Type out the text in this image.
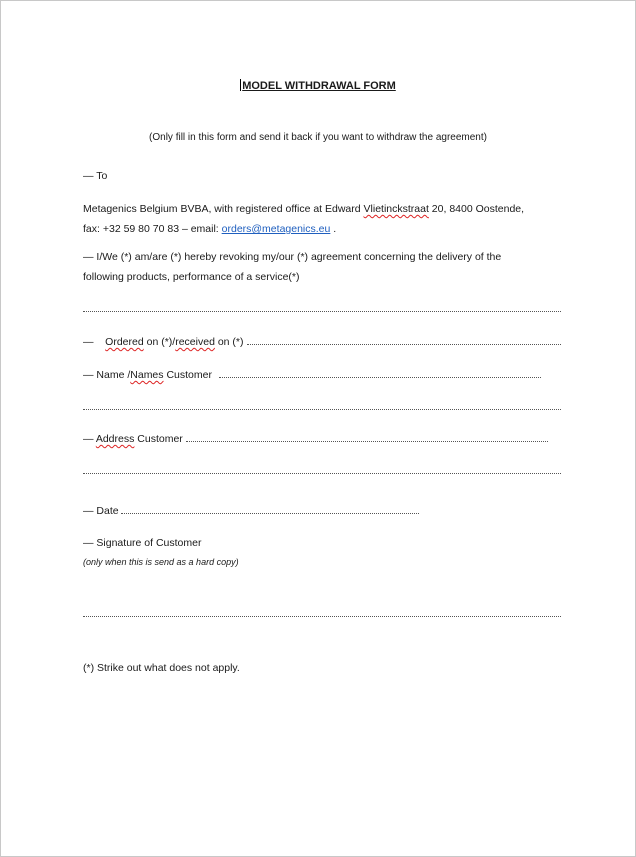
MODEL WITHDRAWAL FORM
(Only fill in this form and send it back if you want to withdraw the agreement)
— To
Metagenics Belgium BVBA, with registered office at Edward Vlietinckstraat 20, 8400 Oostende,
fax: +32 59 80 70 83 – email: orders@metagenics.eu .
— I/We (*) am/are (*) hereby revoking my/our (*) agreement concerning the delivery of the
following products, performance of a service(*)
— Ordered on (*)/received on (*)
— Name /Names Customer
— Address Customer
— Date
— Signature of Customer
(only when this is send as a hard copy)
(*) Strike out what does not apply.
